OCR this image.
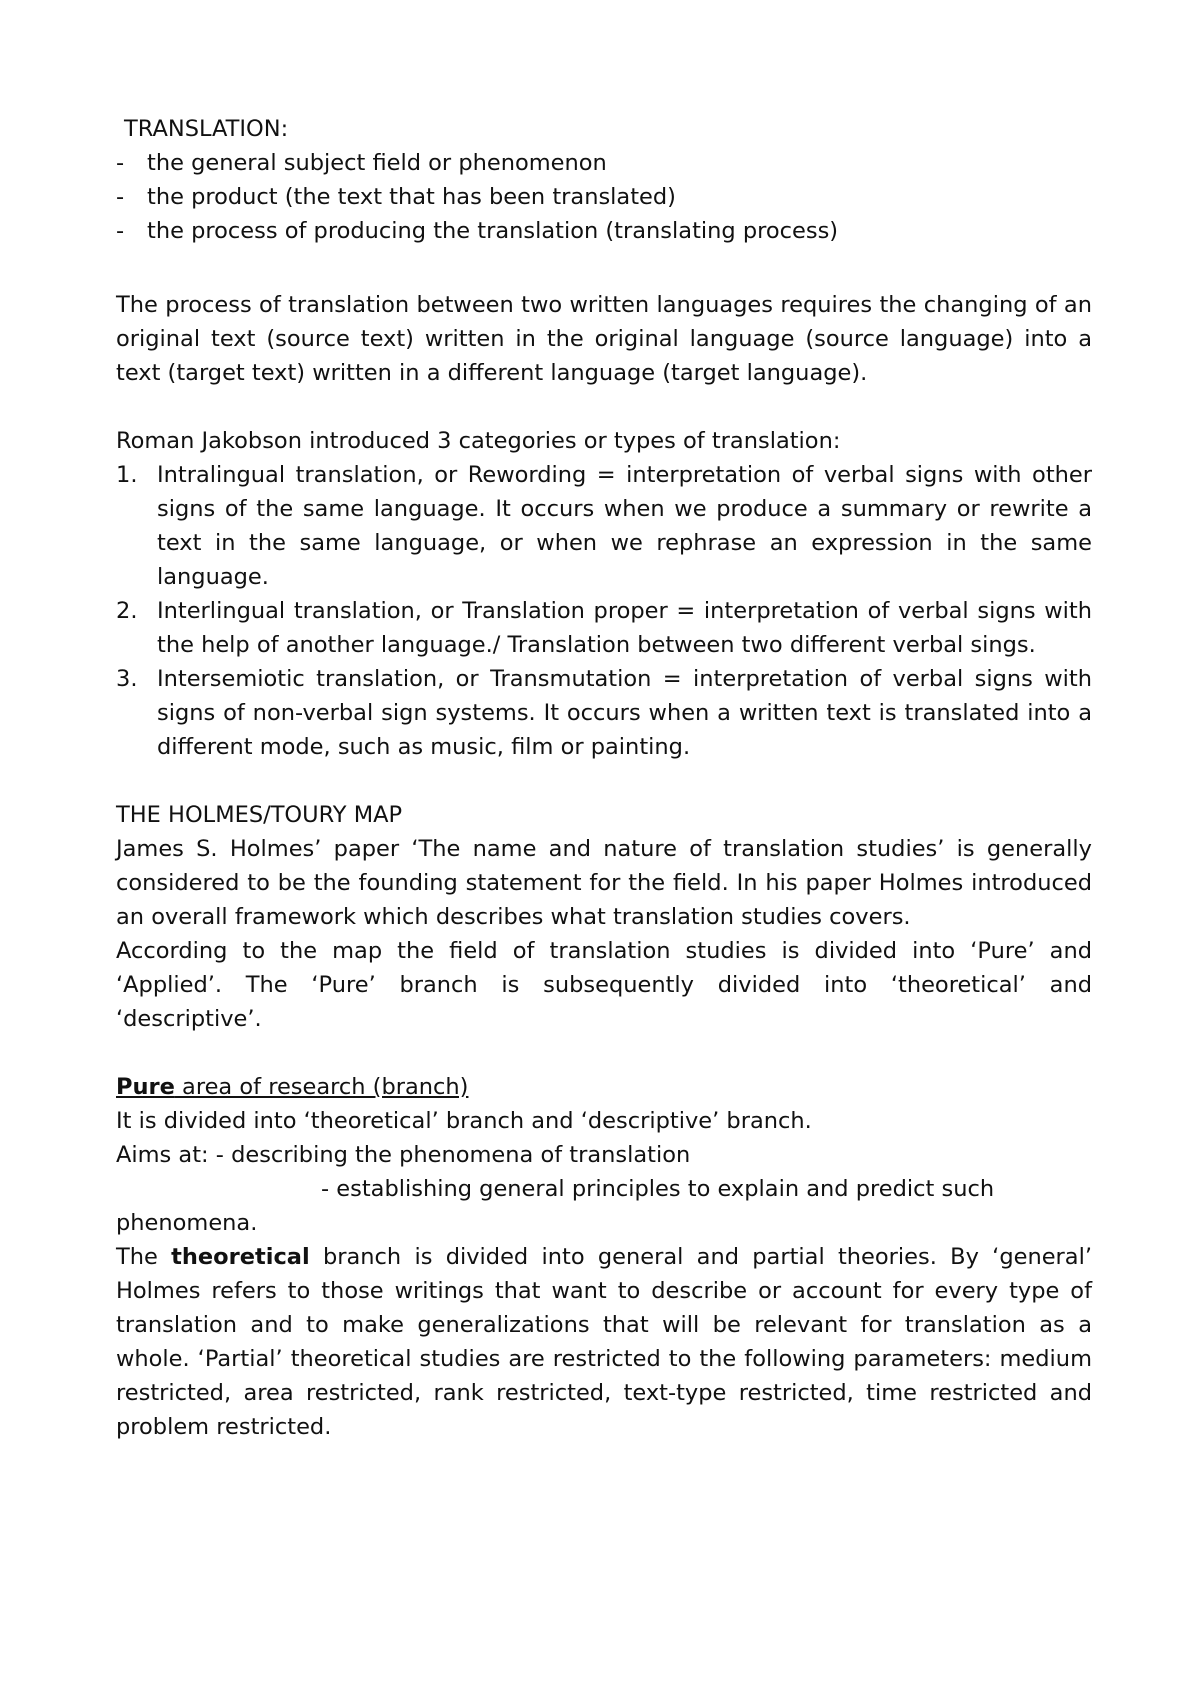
TRANSLATION:

- the general subject field or phenomenon
- the product (the text that has been translated)
- the process of producing the translation (translating process)

The process of translation between two written languages requires the changing of an original text (source text) written in the original language (source language) into a text (target text) written in a different language (target language).

Roman Jakobson introduced 3 categories or types of translation:

1. Intralingual translation, or Rewording = interpretation of verbal signs with other signs of the same language. It occurs when we produce a summary or rewrite a text in the same language, or when we rephrase an expression in the same language.
2. Interlingual translation, or Translation proper = interpretation of verbal signs with the help of another language./ Translation between two different verbal sings.
3. Intersemiotic translation, or Transmutation = interpretation of verbal signs with signs of non-verbal sign systems. It occurs when a written text is translated into a different mode, such as music, film or painting.

THE HOLMES/TOURY MAP

James S. Holmes’ paper ‘The name and nature of translation studies’ is generally considered to be the founding statement for the field. In his paper Holmes introduced an overall framework which describes what translation studies covers.

According to the map the field of translation studies is divided into ‘Pure’ and ‘Applied’. The ‘Pure’ branch is subsequently divided into ‘theoretical’ and ‘descriptive’.

Pure area of research (branch)

It is divided into ‘theoretical’ branch and ‘descriptive’ branch.

Aims at: - describing the phenomena of translation

- establishing general principles to explain and predict such

phenomena.

The theoretical branch is divided into general and partial theories. By ‘general’ Holmes refers to those writings that want to describe or account for every type of translation and to make generalizations that will be relevant for translation as a whole. ‘Partial’ theoretical studies are restricted to the following parameters: medium restricted, area restricted, rank restricted, text-type restricted, time restricted and problem restricted.
